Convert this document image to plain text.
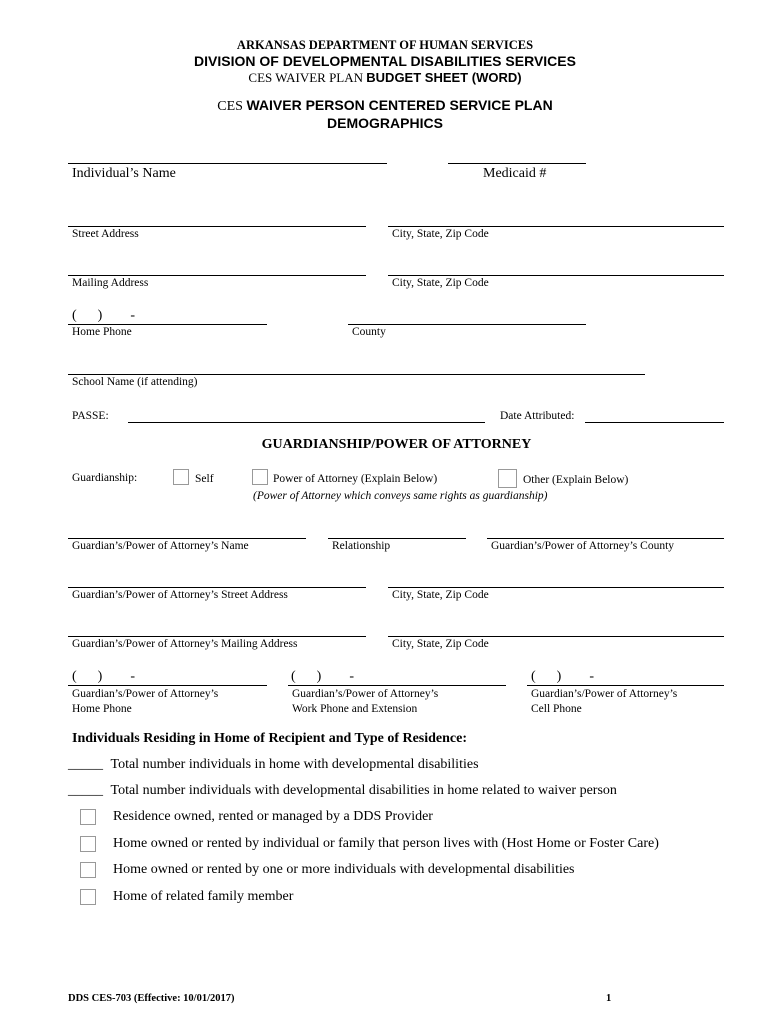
ARKANSAS DEPARTMENT OF HUMAN SERVICES
DIVISION OF DEVELOPMENTAL DISABILITIES SERVICES
CES WAIVER PLAN BUDGET SHEET (WORD)
CES WAIVER PERSON CENTERED SERVICE PLAN
DEMOGRAPHICS
Individual’s Name	Medicaid #
Street Address	City, State, Zip Code
Mailing Address	City, State, Zip Code
(      )        -
Home Phone	County
School Name (if attending)
PASSE:	Date Attributed:
GUARDIANSHIP/POWER OF ATTORNEY
Guardianship:	Self	Power of Attorney (Explain Below)	Other (Explain Below)
(Power of Attorney which conveys same rights as guardianship)
Guardian’s/Power of Attorney’s Name	Relationship	Guardian’s/Power of Attorney’s County
Guardian’s/Power of Attorney’s Street Address	City, State, Zip Code
Guardian’s/Power of Attorney’s Mailing Address	City, State, Zip Code
(      )        -	(      )        -	(      )        -
Guardian’s/Power of Attorney’s
Home Phone
Guardian’s/Power of Attorney’s
Work Phone and Extension
Guardian’s/Power of Attorney’s
Cell Phone
Individuals Residing in Home of Recipient and Type of Residence:
_____ Total number individuals in home with developmental disabilities
_____ Total number individuals with developmental disabilities in home related to waiver person
Residence owned, rented or managed by a DDS Provider
Home owned or rented by individual or family that person lives with (Host Home or Foster Care)
Home owned or rented by one or more individuals with developmental disabilities
Home of related family member
DDS CES-703 (Effective: 10/01/2017)	1
